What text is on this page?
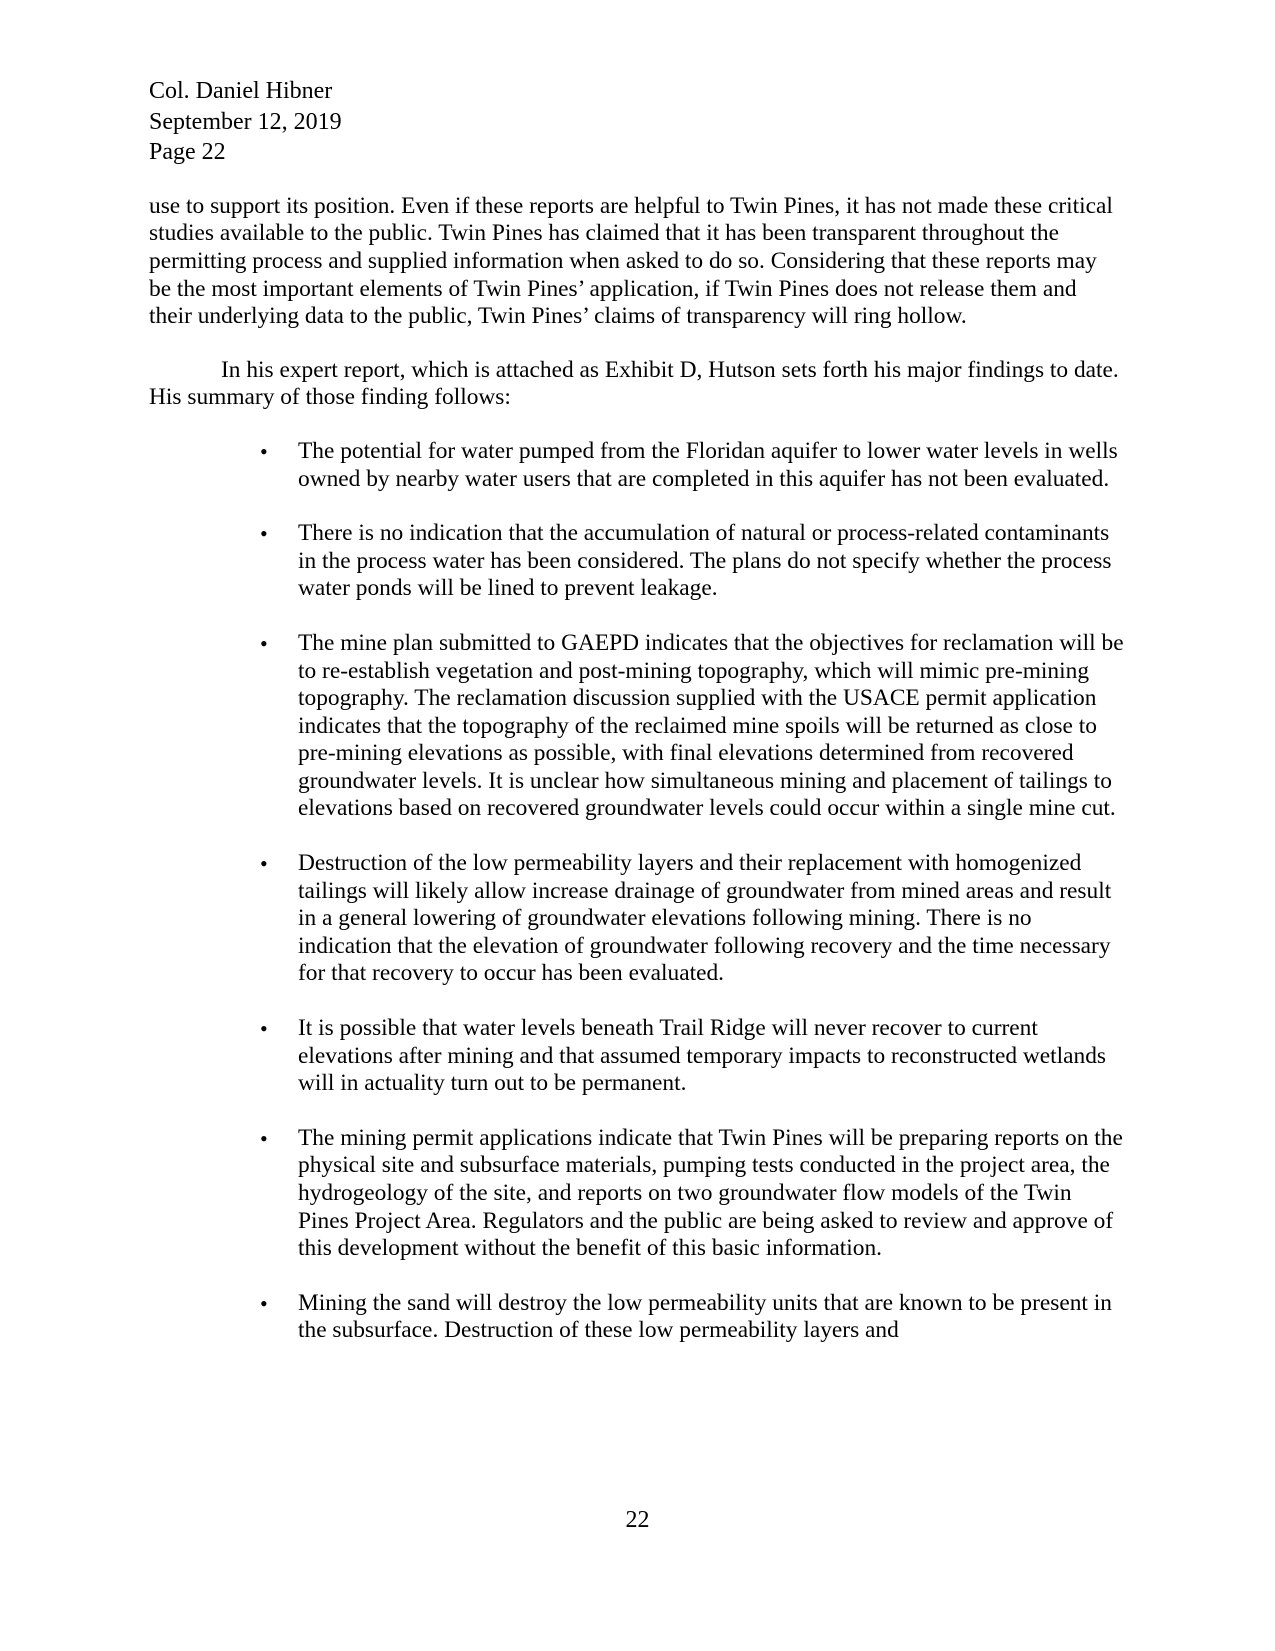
Col. Daniel Hibner
September 12, 2019
Page 22

use to support its position. Even if these reports are helpful to Twin Pines, it has not made these critical studies available to the public. Twin Pines has claimed that it has been transparent throughout the permitting process and supplied information when asked to do so. Considering that these reports may be the most important elements of Twin Pines’ application, if Twin Pines does not release them and their underlying data to the public, Twin Pines’ claims of transparency will ring hollow.

In his expert report, which is attached as Exhibit D, Hutson sets forth his major findings to date. His summary of those finding follows:

• The potential for water pumped from the Floridan aquifer to lower water levels in wells owned by nearby water users that are completed in this aquifer has not been evaluated.
• There is no indication that the accumulation of natural or process-related contaminants in the process water has been considered. The plans do not specify whether the process water ponds will be lined to prevent leakage.
• The mine plan submitted to GAEPD indicates that the objectives for reclamation will be to re-establish vegetation and post-mining topography, which will mimic pre-mining topography. The reclamation discussion supplied with the USACE permit application indicates that the topography of the reclaimed mine spoils will be returned as close to pre-mining elevations as possible, with final elevations determined from recovered groundwater levels. It is unclear how simultaneous mining and placement of tailings to elevations based on recovered groundwater levels could occur within a single mine cut.
• Destruction of the low permeability layers and their replacement with homogenized tailings will likely allow increase drainage of groundwater from mined areas and result in a general lowering of groundwater elevations following mining. There is no indication that the elevation of groundwater following recovery and the time necessary for that recovery to occur has been evaluated.
• It is possible that water levels beneath Trail Ridge will never recover to current elevations after mining and that assumed temporary impacts to reconstructed wetlands will in actuality turn out to be permanent.
• The mining permit applications indicate that Twin Pines will be preparing reports on the physical site and subsurface materials, pumping tests conducted in the project area, the hydrogeology of the site, and reports on two groundwater flow models of the Twin Pines Project Area. Regulators and the public are being asked to review and approve of this development without the benefit of this basic information.
• Mining the sand will destroy the low permeability units that are known to be present in the subsurface. Destruction of these low permeability layers and
22
